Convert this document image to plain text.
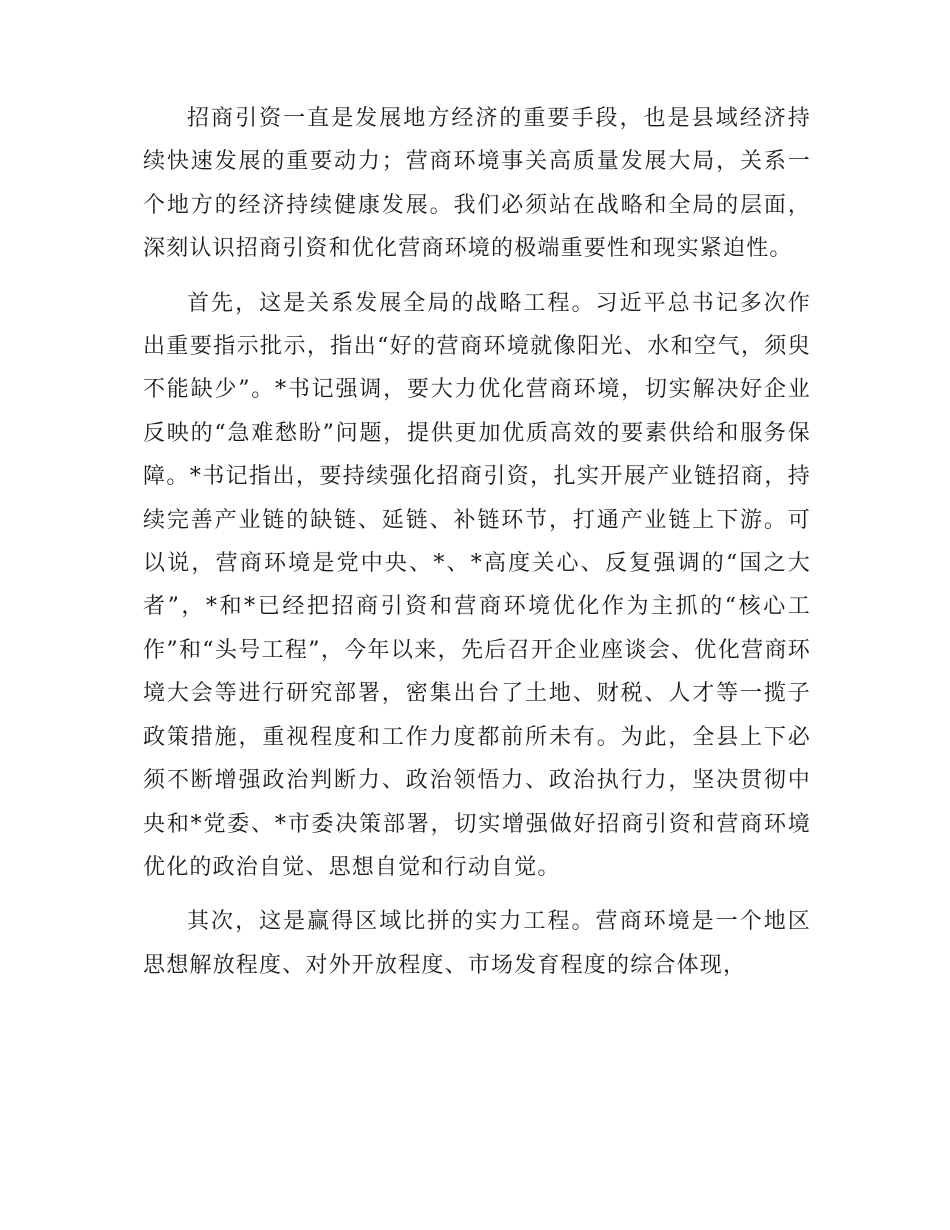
招商引资一直是发展地方经济的重要手段，也是县域经济持续快速发展的重要动力；营商环境事关高质量发展大局，关系一个地方的经济持续健康发展。我们必须站在战略和全局的层面，深刻认识招商引资和优化营商环境的极端重要性和现实紧迫性。

首先，这是关系发展全局的战略工程。习近平总书记多次作出重要指示批示，指出“好的营商环境就像阳光、水和空气，须臾不能缺少”。*书记强调，要大力优化营商环境，切实解决好企业反映的“急难愁盼”问题，提供更加优质高效的要素供给和服务保障。*书记指出，要持续强化招商引资，扎实开展产业链招商，持续完善产业链的缺链、延链、补链环节，打通产业链上下游。可以说，营商环境是党中央、*、*高度关心、反复强调的“国之大者”，*和*已经把招商引资和营商环境优化作为主抓的“核心工作”和“头号工程”，今年以来，先后召开企业座谈会、优化营商环境大会等进行研究部署，密集出台了土地、财税、人才等一揽子政策措施，重视程度和工作力度都前所未有。为此，全县上下必须不断增强政治判断力、政治领悟力、政治执行力，坚决贯彻中央和*党委、*市委决策部署，切实增强做好招商引资和营商环境优化的政治自觉、思想自觉和行动自觉。

其次，这是赢得区域比拼的实力工程。营商环境是一个地区思想解放程度、对外开放程度、市场发育程度的综合体现，
